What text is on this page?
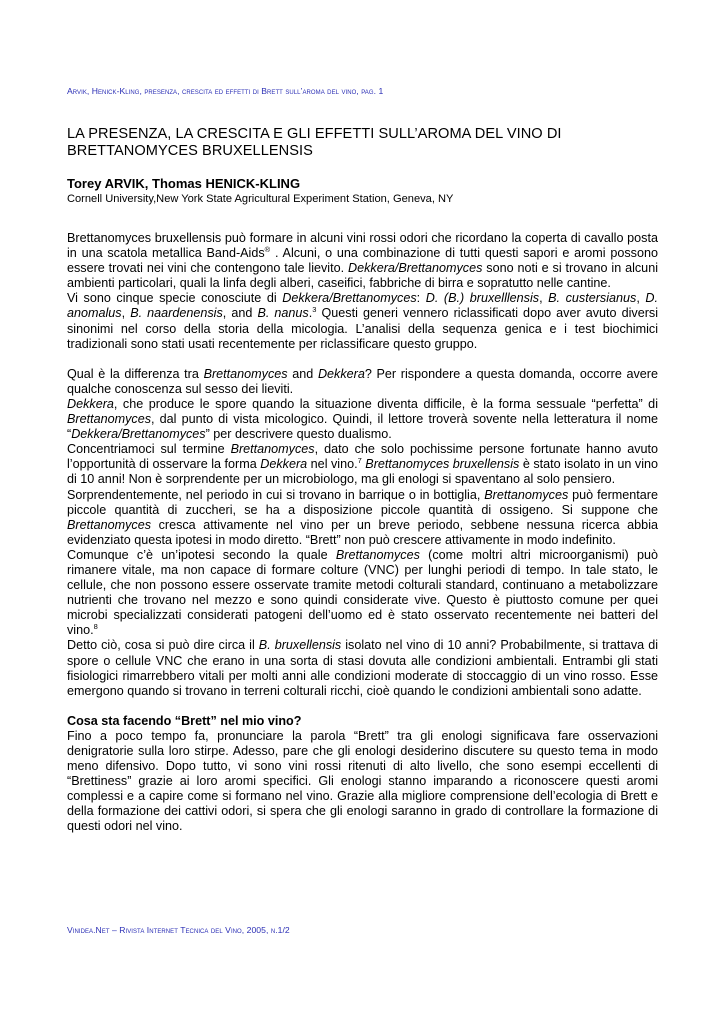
Arvik, Henick-Kling, presenza, crescita ed effetti di Brett sull’aroma del vino, pag. 1
LA PRESENZA, LA CRESCITA E GLI EFFETTI SULL’AROMA DEL VINO DI BRETTANOMYCES BRUXELLENSIS
Torey ARVIK, Thomas HENICK-KLING
Cornell University,New York State Agricultural Experiment Station, Geneva, NY

Brettanomyces bruxellensis può formare in alcuni vini rossi odori che ricordano la coperta di cavallo posta in una scatola metallica Band-Aids® . Alcuni, o una combinazione di tutti questi sapori e aromi possono essere trovati nei vini che contengono tale lievito. Dekkera/Brettanomyces sono noti e si trovano in alcuni ambienti particolari, quali la linfa degli alberi, caseifici, fabbriche di birra e sopratutto nelle cantine.

Vi sono cinque specie conosciute di Dekkera/Brettanomyces: D. (B.) bruxelllensis, B. custersianus, D. anomalus, B. naardenensis, and B. nanus.$^3$ Questi generi vennero riclassificati dopo aver avuto diversi sinonimi nel corso della storia della micologia. L’analisi della sequenza genica e i test biochimici tradizionali sono stati usati recentemente per riclassificare questo gruppo.

Qual è la differenza tra Brettanomyces and Dekkera? Per rispondere a questa domanda, occorre avere qualche conoscenza sul sesso dei lieviti.

Dekkera, che produce le spore quando la situazione diventa difficile, è la forma sessuale “perfetta” di Brettanomyces, dal punto di vista micologico. Quindi, il lettore troverà sovente nella letteratura il nome “Dekkera/Brettanomyces” per descrivere questo dualismo.

Concentriamoci sul termine Brettanomyces, dato che solo pochissime persone fortunate hanno avuto l’opportunità di osservare la forma Dekkera nel vino.$^7$ Brettanomyces bruxellensis è stato isolato in un vino di 10 anni! Non è sorprendente per un microbiologo, ma gli enologi si spaventano al solo pensiero.

Sorprendentemente, nel periodo in cui si trovano in barrique o in bottiglia, Brettanomyces può fermentare piccole quantità di zuccheri, se ha a disposizione piccole quantità di ossigeno. Si suppone che Brettanomyces cresca attivamente nel vino per un breve periodo, sebbene nessuna ricerca abbia evidenziato questa ipotesi in modo diretto. “Brett” non può crescere attivamente in modo indefinito.

Comunque c’è un’ipotesi secondo la quale Brettanomyces (come moltri altri microorganismi) può rimanere vitale, ma non capace di formare colture (VNC) per lunghi periodi di tempo. In tale stato, le cellule, che non possono essere osservate tramite metodi colturali standard, continuano a metabolizzare nutrienti che trovano nel mezzo e sono quindi considerate vive. Questo è piuttosto comune per quei microbi specializzati considerati patogeni dell’uomo ed è stato osservato recentemente nei batteri del vino.$^8$

Detto ciò, cosa si può dire circa il B. bruxellensis isolato nel vino di 10 anni? Probabilmente, si trattava di spore o cellule VNC che erano in una sorta di stasi dovuta alle condizioni ambientali. Entrambi gli stati fisiologici rimarrebbero vitali per molti anni alle condizioni moderate di stoccaggio di un vino rosso. Esse emergono quando si trovano in terreni colturali ricchi, cioè quando le condizioni ambientali sono adatte.

Cosa sta facendo “Brett” nel mio vino?

Fino a poco tempo fa, pronunciare la parola “Brett” tra gli enologi significava fare osservazioni denigratorie sulla loro stirpe. Adesso, pare che gli enologi desiderino discutere su questo tema in modo meno difensivo. Dopo tutto, vi sono vini rossi ritenuti di alto livello, che sono esempi eccellenti di “Brettiness” grazie ai loro aromi specifici. Gli enologi stanno imparando a riconoscere questi aromi complessi e a capire come si formano nel vino. Grazie alla migliore comprensione dell’ecologia di Brett e della formazione dei cattivi odori, si spera che gli enologi saranno in grado di controllare la formazione di questi odori nel vino.

Vinidea.Net – Rivista Internet Tecnica del Vino, 2005, n.1/2
